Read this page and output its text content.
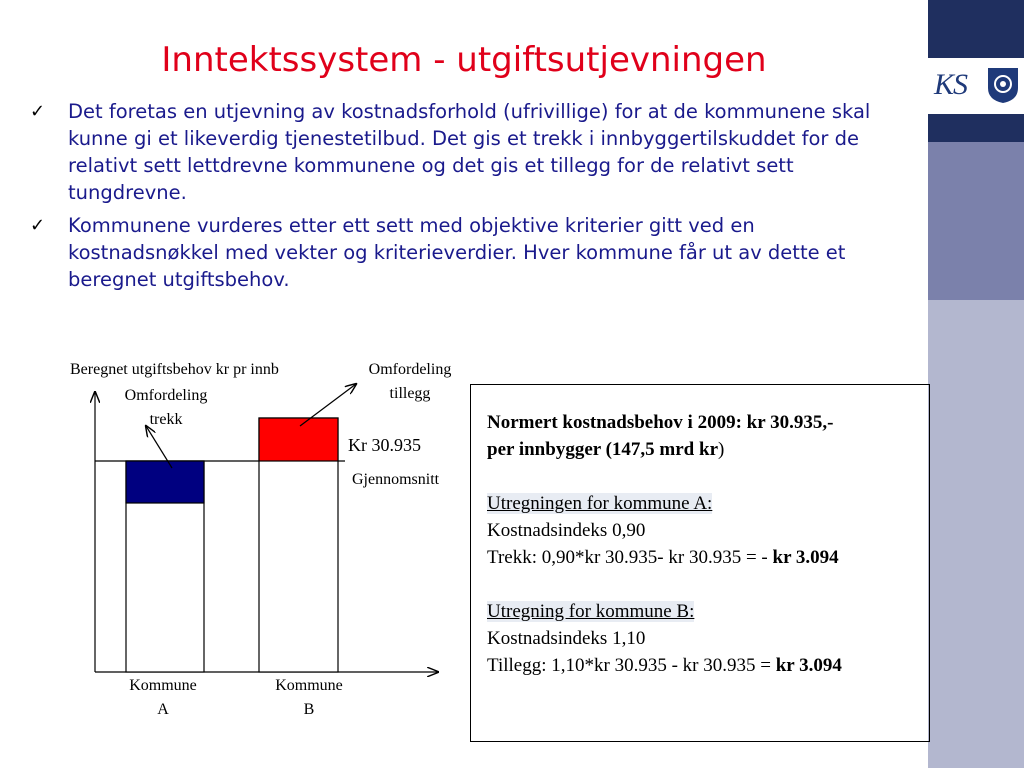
KS
Inntektssystem - utgiftsutjevningen
✓ Det foretas en utjevning av kostnadsforhold (ufrivillige) for at de kommunene skal kunne gi et likeverdig tjenestetilbud. Det gis et trekk i innbyggertilskuddet for de relativt sett lettdrevne kommunene og det gis et tillegg for de relativt sett tungdrevne.
✓ Kommunene vurderes etter ett sett med objektive kriterier gitt ved en kostnadsnøkkel med vekter og kriterieverdier. Hver kommune får ut av dette et beregnet utgiftsbehov.
Beregnet utgiftsbehov kr pr innb	Omfordeling
tillegg
Omfordeling
trekk
Kr 30.935
Gjennomsnitt
Kommune
A
Kommune
B
Normert kostnadsbehov i 2009: kr 30.935,-
per innbygger (147,5 mrd kr)
Utregningen for kommune A:
Kostnadsindeks 0,90
Trekk: 0,90*kr 30.935- kr 30.935 = - kr 3.094
Utregning for kommune B:
Kostnadsindeks 1,10
Tillegg: 1,10*kr 30.935 - kr 30.935 = kr 3.094
